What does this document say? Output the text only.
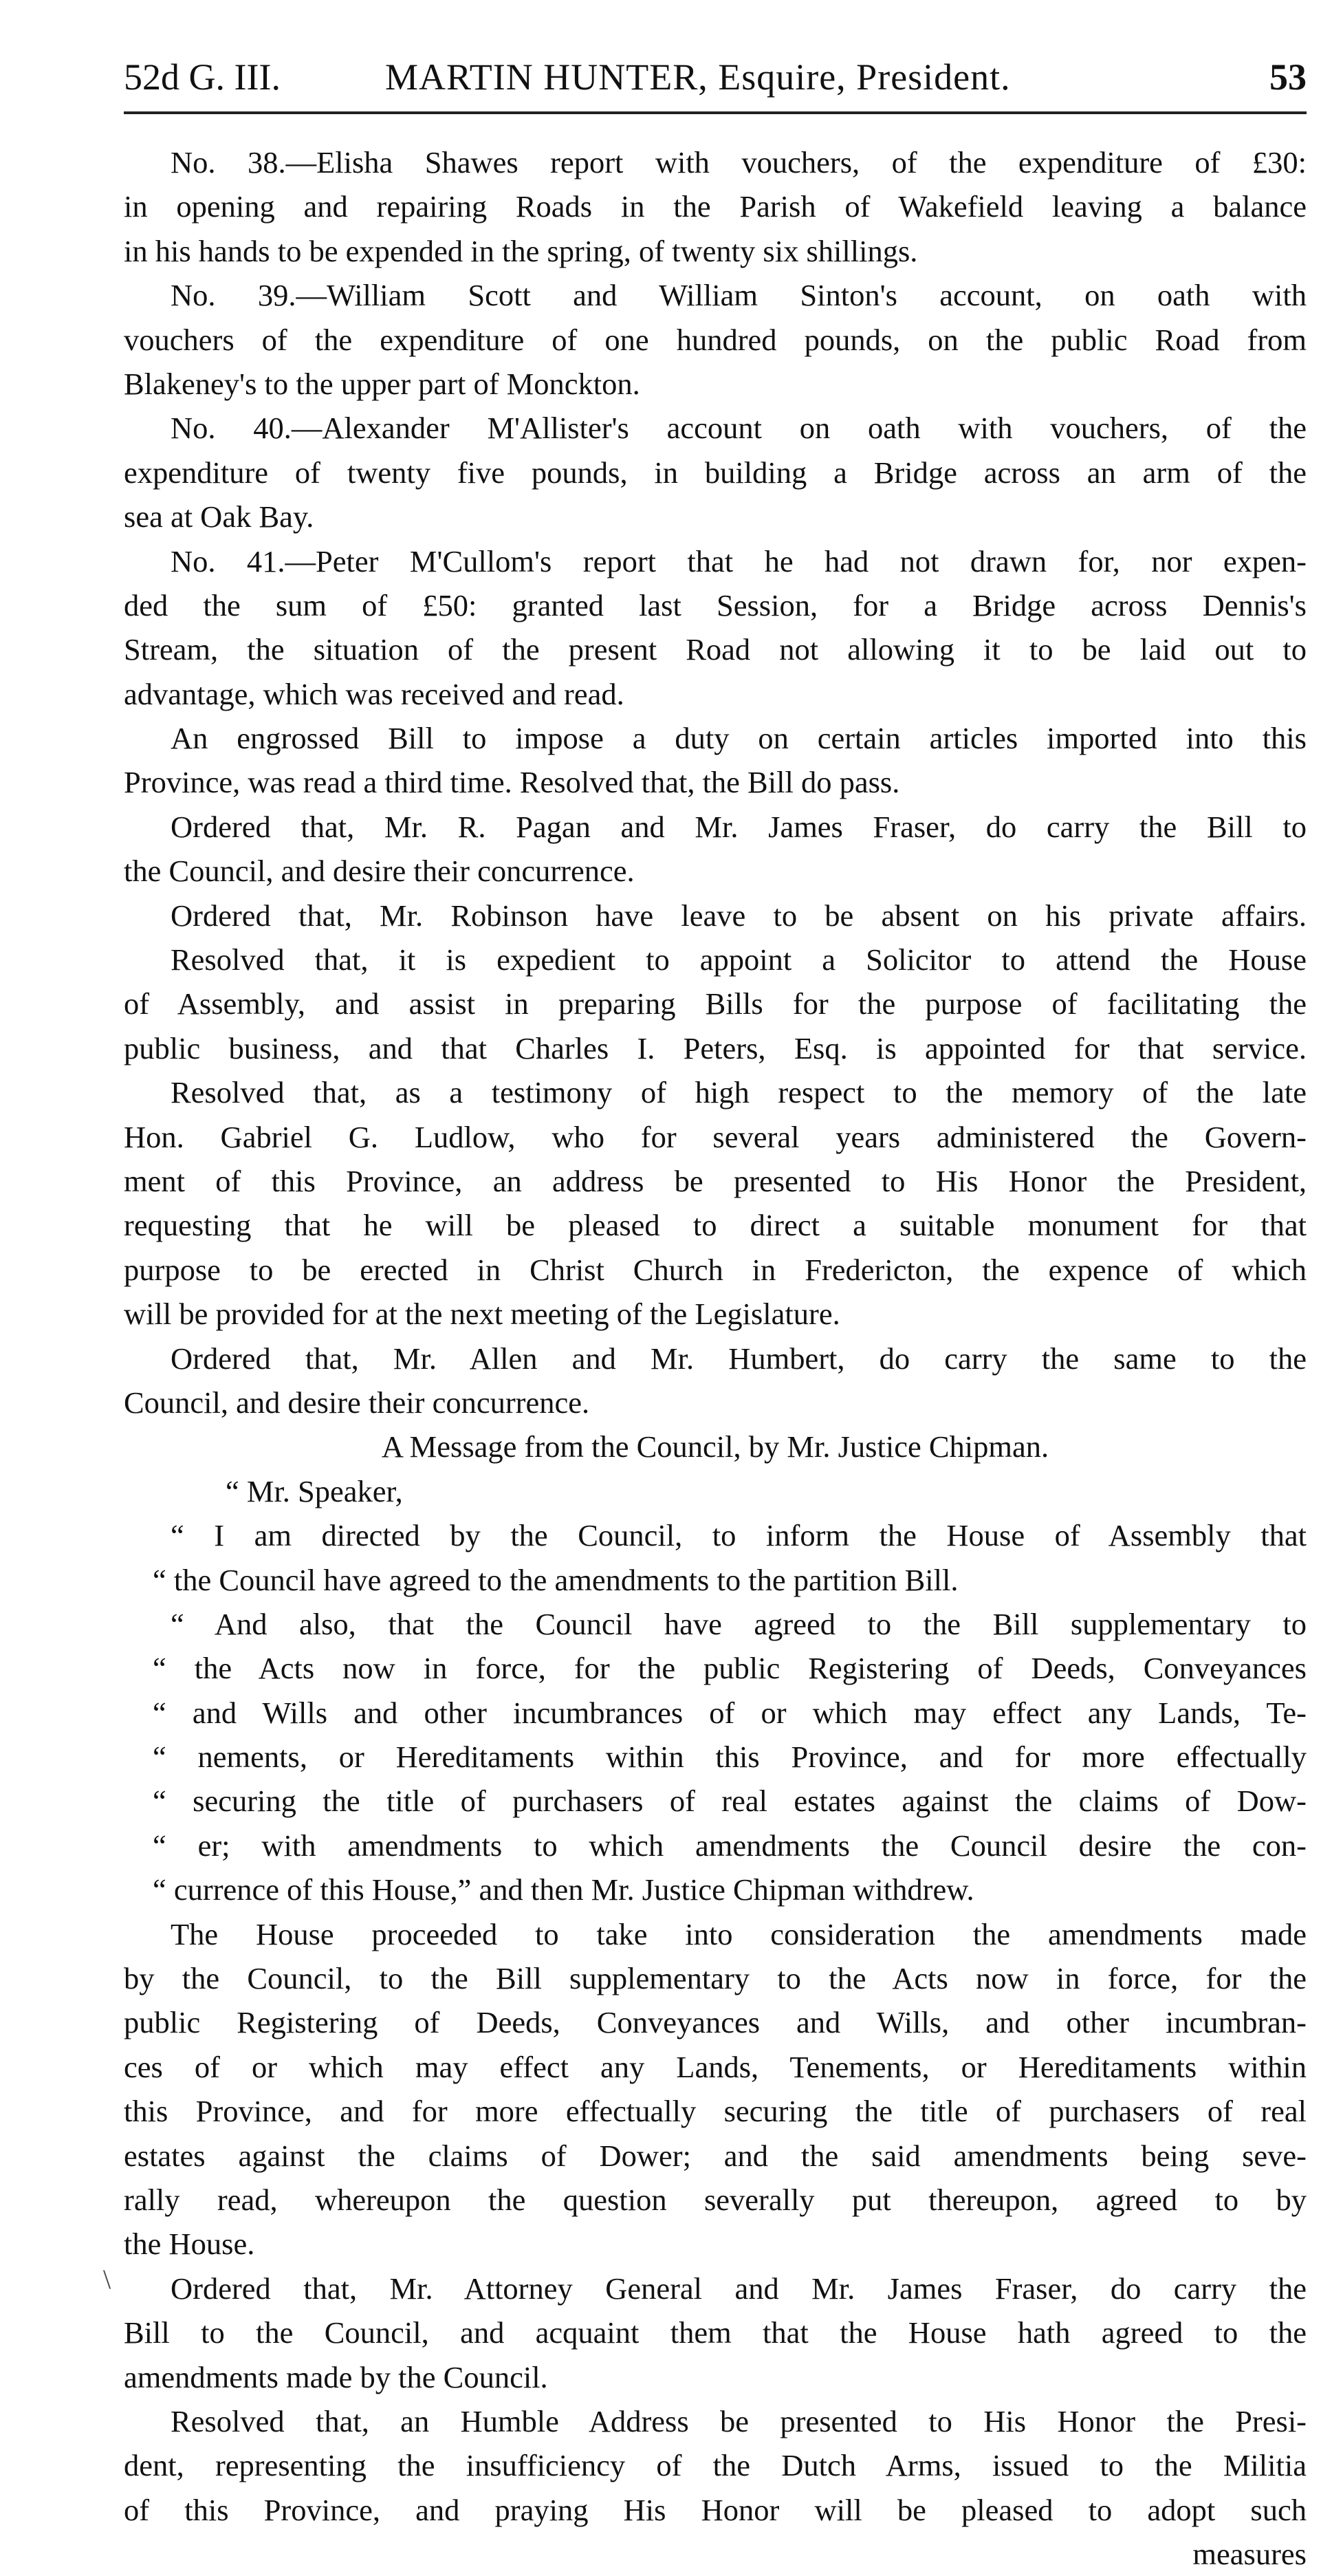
52d G. III.	MARTIN HUNTER, Esquire, President.	53
No. 38.—Elisha Shawes report with vouchers, of the expenditure of £30:
in opening and repairing Roads in the Parish of Wakefield leaving a balance
in his hands to be expended in the spring, of twenty six shillings.
No. 39.—William Scott and William Sinton's account, on oath with
vouchers of the expenditure of one hundred pounds, on the public Road from
Blakeney's to the upper part of Monckton.
No. 40.—Alexander M'Allister's account on oath with vouchers, of the
expenditure of twenty five pounds, in building a Bridge across an arm of the
sea at Oak Bay.
No. 41.—Peter M'Cullom's report that he had not drawn for, nor expen-
ded the sum of £50: granted last Session, for a Bridge across Dennis's
Stream, the situation of the present Road not allowing it to be laid out to
advantage, which was received and read.
An engrossed Bill to impose a duty on certain articles imported into this
Province, was read a third time. Resolved that, the Bill do pass.
Ordered that, Mr. R. Pagan and Mr. James Fraser, do carry the Bill to
the Council, and desire their concurrence.
Ordered that, Mr. Robinson have leave to be absent on his private affairs.
Resolved that, it is expedient to appoint a Solicitor to attend the House
of Assembly, and assist in preparing Bills for the purpose of facilitating the
public business, and that Charles I. Peters, Esq. is appointed for that service.
Resolved that, as a testimony of high respect to the memory of the late
Hon. Gabriel G. Ludlow, who for several years administered the Govern-
ment of this Province, an address be presented to His Honor the President,
requesting that he will be pleased to direct a suitable monument for that
purpose to be erected in Christ Church in Fredericton, the expence of which
will be provided for at the next meeting of the Legislature.
Ordered that, Mr. Allen and Mr. Humbert, do carry the same to the
Council, and desire their concurrence.
A Message from the Council, by Mr. Justice Chipman.
“ Mr. Speaker,
“ I am directed by the Council, to inform the House of Assembly that
“ the Council have agreed to the amendments to the partition Bill.
“ And also, that the Council have agreed to the Bill supplementary to
“ the Acts now in force, for the public Registering of Deeds, Conveyances
“ and Wills and other incumbrances of or which may effect any Lands, Te-
“ nements, or Hereditaments within this Province, and for more effectually
“ securing the title of purchasers of real estates against the claims of Dow-
“ er; with amendments to which amendments the Council desire the con-
“ currence of this House,” and then Mr. Justice Chipman withdrew.
The House proceeded to take into consideration the amendments made
by the Council, to the Bill supplementary to the Acts now in force, for the
public Registering of Deeds, Conveyances and Wills, and other incumbran-
ces of or which may effect any Lands, Tenements, or Hereditaments within
this Province, and for more effectually securing the title of purchasers of real
estates against the claims of Dower; and the said amendments being seve-
rally read, whereupon the question severally put thereupon, agreed to by
the House.
Ordered that, Mr. Attorney General and Mr. James Fraser, do carry the
Bill to the Council, and acquaint them that the House hath agreed to the
amendments made by the Council.
Resolved that, an Humble Address be presented to His Honor the Presi-
dent, representing the insufficiency of the Dutch Arms, issued to the Militia
of this Province, and praying His Honor will be pleased to adopt such
measures
\
